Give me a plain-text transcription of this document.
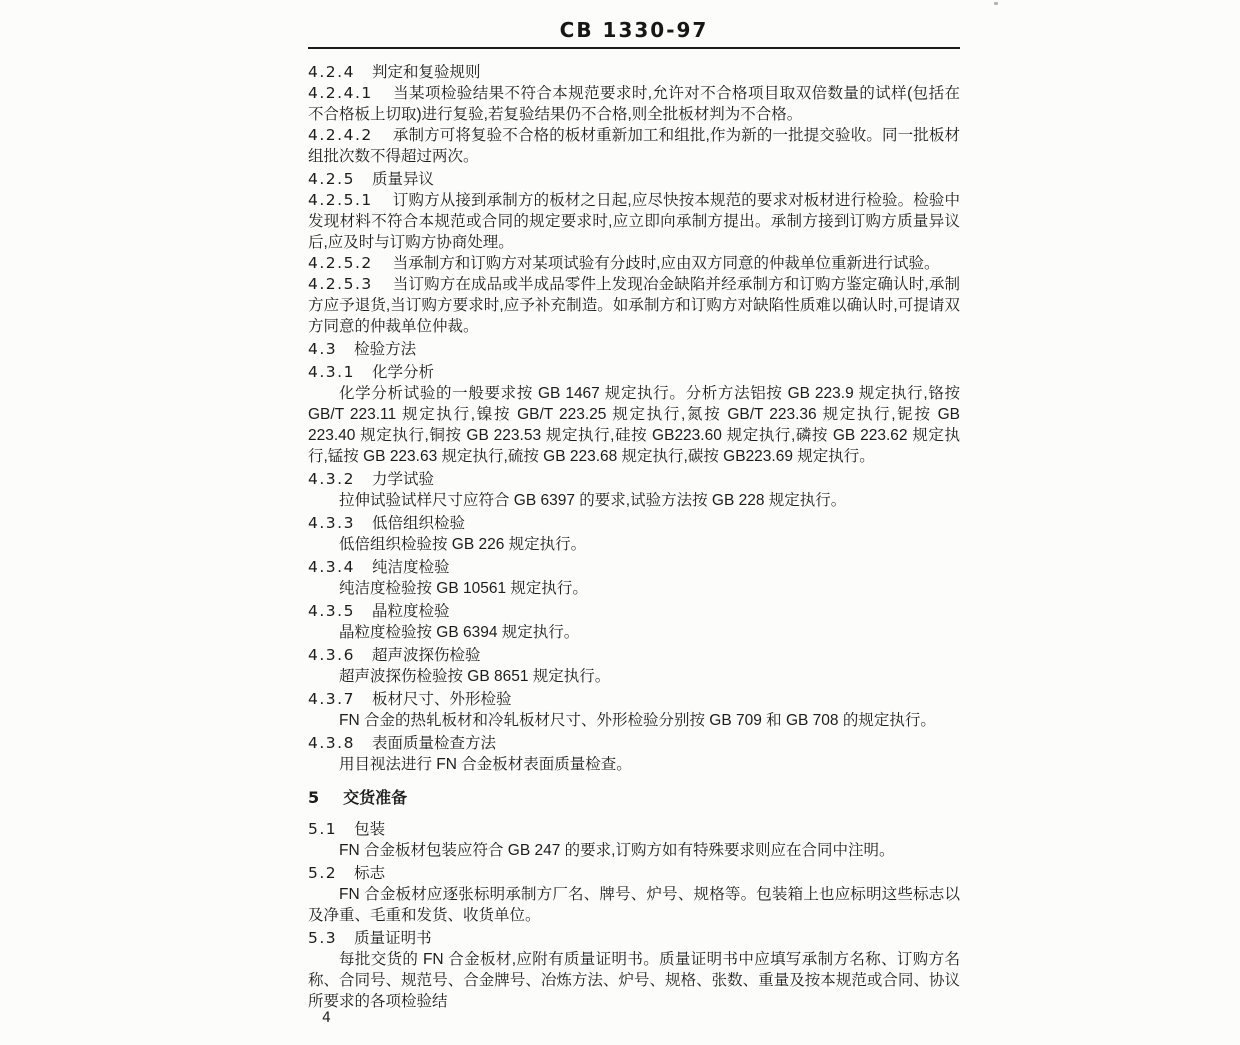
CB 1330-97

4.2.4 判定和复验规则

4.2.4.1 当某项检验结果不符合本规范要求时,允许对不合格项目取双倍数量的试样(包括在不合格板上切取)进行复验,若复验结果仍不合格,则全批板材判为不合格。

4.2.4.2 承制方可将复验不合格的板材重新加工和组批,作为新的一批提交验收。同一批板材组批次数不得超过两次。

4.2.5 质量异议

4.2.5.1 订购方从接到承制方的板材之日起,应尽快按本规范的要求对板材进行检验。检验中发现材料不符合本规范或合同的规定要求时,应立即向承制方提出。承制方接到订购方质量异议后,应及时与订购方协商处理。

4.2.5.2 当承制方和订购方对某项试验有分歧时,应由双方同意的仲裁单位重新进行试验。

4.2.5.3 当订购方在成品或半成品零件上发现冶金缺陷并经承制方和订购方鉴定确认时,承制方应予退货,当订购方要求时,应予补充制造。如承制方和订购方对缺陷性质难以确认时,可提请双方同意的仲裁单位仲裁。

4.3 检验方法

4.3.1 化学分析

化学分析试验的一般要求按 GB 1467 规定执行。分析方法铝按 GB 223.9 规定执行,铬按 GB/T 223.11 规定执行,镍按 GB/T 223.25 规定执行,氮按 GB/T 223.36 规定执行,铌按 GB 223.40 规定执行,铜按 GB 223.53 规定执行,硅按 GB223.60 规定执行,磷按 GB 223.62 规定执行,锰按 GB 223.63 规定执行,硫按 GB 223.68 规定执行,碳按 GB223.69 规定执行。

4.3.2 力学试验

拉伸试验试样尺寸应符合 GB 6397 的要求,试验方法按 GB 228 规定执行。

4.3.3 低倍组织检验

低倍组织检验按 GB 226 规定执行。

4.3.4 纯洁度检验

纯洁度检验按 GB 10561 规定执行。

4.3.5 晶粒度检验

晶粒度检验按 GB 6394 规定执行。

4.3.6 超声波探伤检验

超声波探伤检验按 GB 8651 规定执行。

4.3.7 板材尺寸、外形检验

FN 合金的热轧板材和冷轧板材尺寸、外形检验分别按 GB 709 和 GB 708 的规定执行。

4.3.8 表面质量检查方法

用目视法进行 FN 合金板材表面质量检查。

5 交货准备

5.1 包装

FN 合金板材包装应符合 GB 247 的要求,订购方如有特殊要求则应在合同中注明。

5.2 标志

FN 合金板材应逐张标明承制方厂名、牌号、炉号、规格等。包装箱上也应标明这些标志以及净重、毛重和发货、收货单位。

5.3 质量证明书

每批交货的 FN 合金板材,应附有质量证明书。质量证明书中应填写承制方名称、订购方名称、合同号、规范号、合金牌号、冶炼方法、炉号、规格、张数、重量及按本规范或合同、协议所要求的各项检验结

4
